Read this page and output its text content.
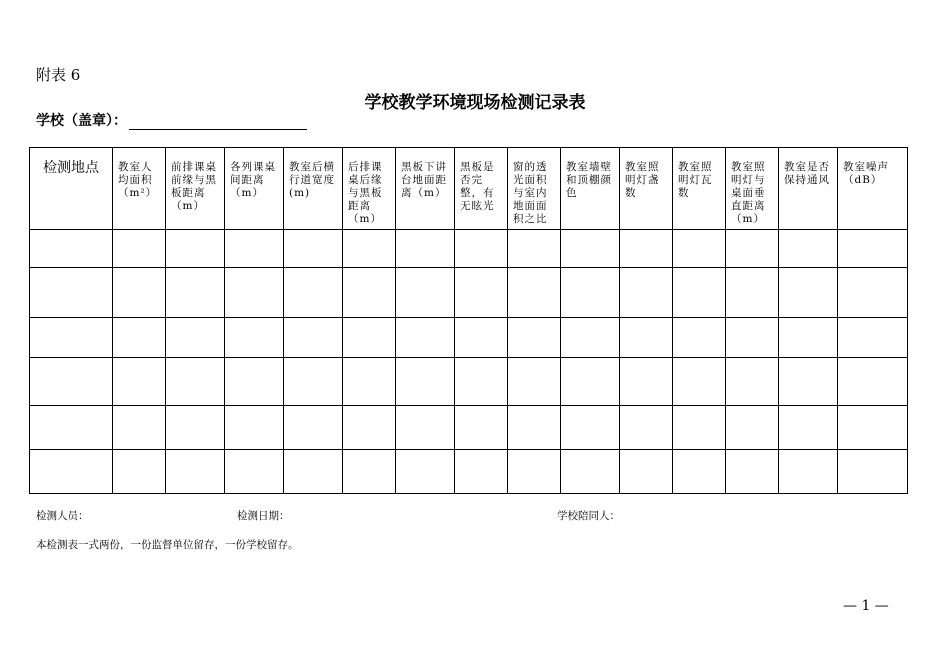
附表 6
学校教学环境现场检测记录表
学校（盖章）：
检测地点	教室人均面积（m²）	前排课桌前缘与黑板距离（m）	各列课桌间距离（m）	教室后横行道宽度(m)	后排课桌后缘与黑板距离（m）	黑板下讲台地面距离（m）	黑板是否完整，有无眩光	窗的透光面积与室内地面面积之比	教室墙壁和顶棚颜色	教室照明灯盏数	教室照明灯瓦数	教室照明灯与桌面垂直距离（m）	教室是否保持通风	教室噪声（dB）

检测人员：	检测日期：	学校陪同人：
本检测表一式两份，一份监督单位留存，一份学校留存。
— 1 —
